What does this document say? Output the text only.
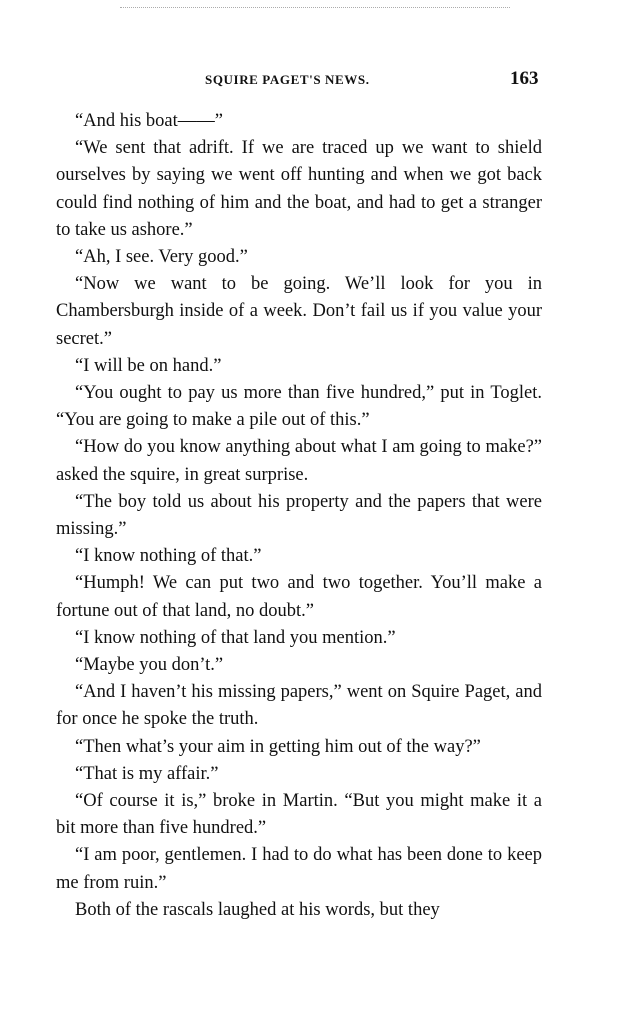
SQUIRE PAGET'S NEWS.	163

“And his boat——”

“We sent that adrift. If we are traced up we want to shield ourselves by saying we went off hunting and when we got back could find nothing of him and the boat, and had to get a stranger to take us ashore.”

“Ah, I see. Very good.”

“Now we want to be going. We’ll look for you in Chambersburgh inside of a week. Don’t fail us if you value your secret.”

“I will be on hand.”

“You ought to pay us more than five hundred,” put in Toglet. “You are going to make a pile out of this.”

“How do you know anything about what I am going to make?” asked the squire, in great surprise.

“The boy told us about his property and the papers that were missing.”

“I know nothing of that.”

“Humph! We can put two and two together. You’ll make a fortune out of that land, no doubt.”

“I know nothing of that land you mention.”

“Maybe you don’t.”

“And I haven’t his missing papers,” went on Squire Paget, and for once he spoke the truth.

“Then what’s your aim in getting him out of the way?”

“That is my affair.”

“Of course it is,” broke in Martin. “But you might make it a bit more than five hundred.”

“I am poor, gentlemen. I had to do what has been done to keep me from ruin.”

Both of the rascals laughed at his words, but they
